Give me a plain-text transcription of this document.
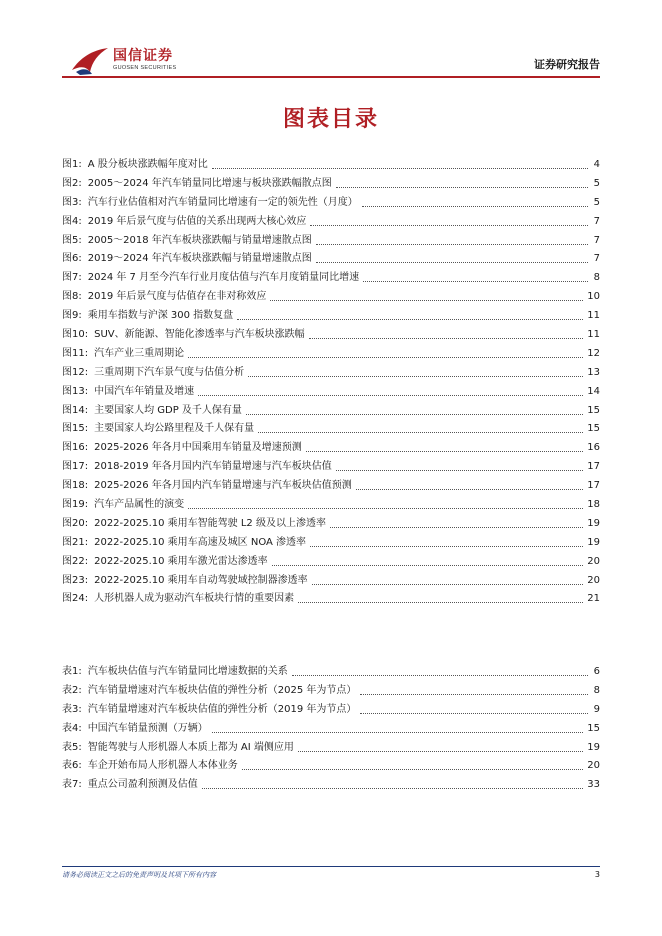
国信证券
GUOSEN SECURITIES	证券研究报告
图表目录
图1: A 股分板块涨跌幅年度对比	4
图2: 2005～2024 年汽车销量同比增速与板块涨跌幅散点图	5
图3: 汽车行业估值相对汽车销量同比增速有一定的领先性（月度）	5
图4: 2019 年后景气度与估值的关系出现两大核心效应	7
图5: 2005～2018 年汽车板块涨跌幅与销量增速散点图	7
图6: 2019～2024 年汽车板块涨跌幅与销量增速散点图	7
图7: 2024 年 7 月至今汽车行业月度估值与汽车月度销量同比增速	8
图8: 2019 年后景气度与估值存在非对称效应	10
图9: 乘用车指数与沪深 300 指数复盘	11
图10: SUV、新能源、智能化渗透率与汽车板块涨跌幅	11
图11: 汽车产业三重周期论	12
图12: 三重周期下汽车景气度与估值分析	13
图13: 中国汽车年销量及增速	14
图14: 主要国家人均 GDP 及千人保有量	15
图15: 主要国家人均公路里程及千人保有量	15
图16: 2025-2026 年各月中国乘用车销量及增速预测	16
图17: 2018-2019 年各月国内汽车销量增速与汽车板块估值	17
图18: 2025-2026 年各月国内汽车销量增速与汽车板块估值预测	17
图19: 汽车产品属性的演变	18
图20: 2022-2025.10 乘用车智能驾驶 L2 级及以上渗透率	19
图21: 2022-2025.10 乘用车高速及城区 NOA 渗透率	19
图22: 2022-2025.10 乘用车激光雷达渗透率	20
图23: 2022-2025.10 乘用车自动驾驶域控制器渗透率	20
图24: 人形机器人成为驱动汽车板块行情的重要因素	21
表1: 汽车板块估值与汽车销量同比增速数据的关系	6
表2: 汽车销量增速对汽车板块估值的弹性分析（2025 年为节点）	8
表3: 汽车销量增速对汽车板块估值的弹性分析（2019 年为节点）	9
表4: 中国汽车销量预测（万辆）	15
表5: 智能驾驶与人形机器人本质上都为 AI 端侧应用	19
表6: 车企开始布局人形机器人本体业务	20
表7: 重点公司盈利预测及估值	33
请务必阅读正文之后的免责声明及其项下所有内容	3
